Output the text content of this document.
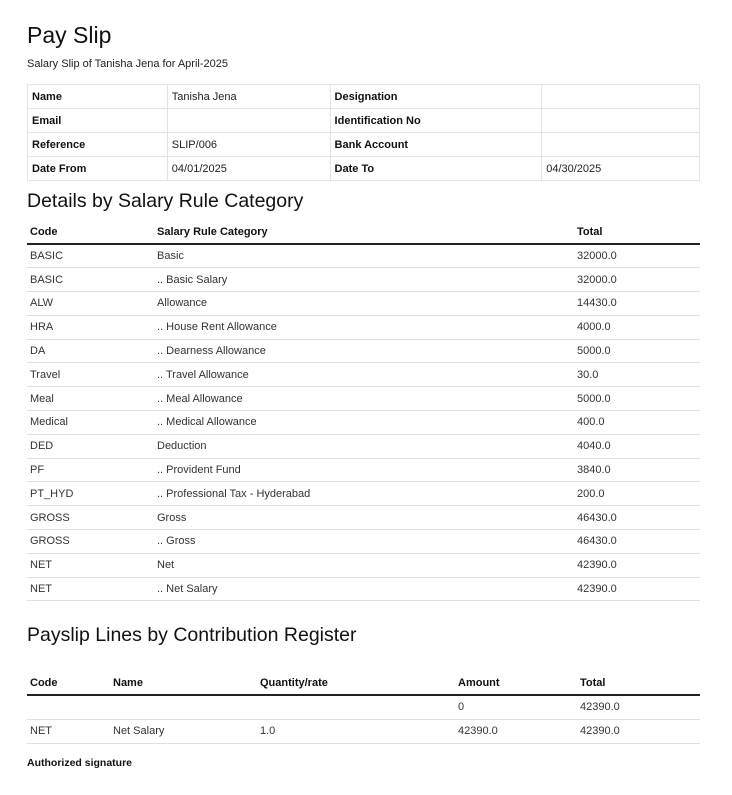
Pay Slip
Salary Slip of Tanisha Jena for April-2025
Name	Tanisha Jena	Designation	
Email		Identification No	
Reference	SLIP/006	Bank Account	
Date From	04/01/2025	Date To	04/30/2025
Details by Salary Rule Category
Code	Salary Rule Category	Total
BASIC	Basic	32000.0
BASIC	.. Basic Salary	32000.0
ALW	Allowance	14430.0
HRA	.. House Rent Allowance	4000.0
DA	.. Dearness Allowance	5000.0
Travel	.. Travel Allowance	30.0
Meal	.. Meal Allowance	5000.0
Medical	.. Medical Allowance	400.0
DED	Deduction	4040.0
PF	.. Provident Fund	3840.0
PT_HYD	.. Professional Tax - Hyderabad	200.0
GROSS	Gross	46430.0
GROSS	.. Gross	46430.0
NET	Net	42390.0
NET	.. Net Salary	42390.0
Payslip Lines by Contribution Register
Code	Name	Quantity/rate	Amount	Total
			0	42390.0
NET	Net Salary	1.0	42390.0	42390.0
Authorized signature
